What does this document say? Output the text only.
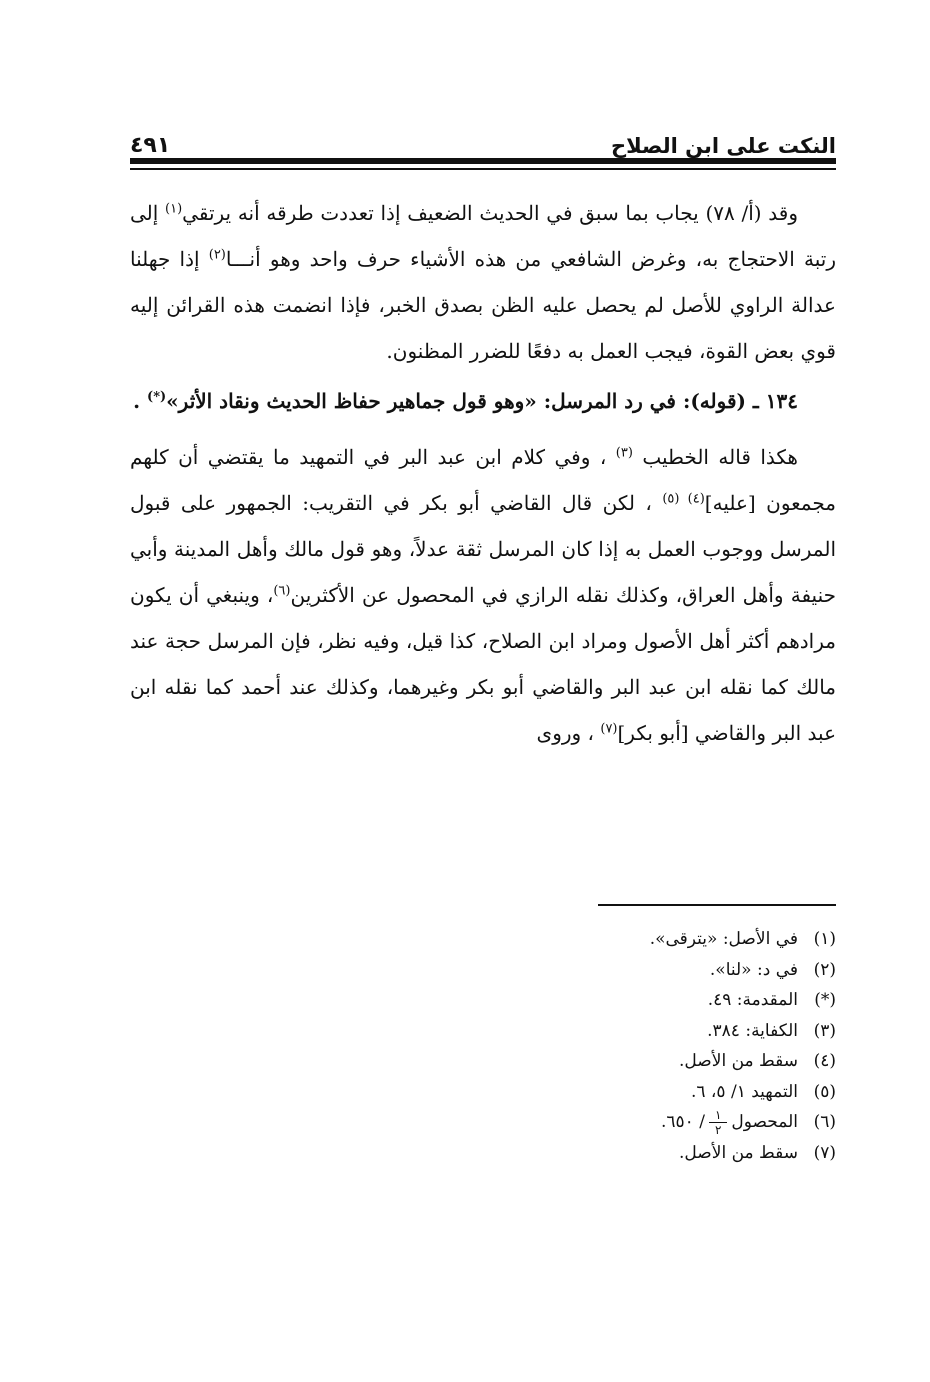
النكت على ابن الصلاح
٤٩١

وقد (أ/ ٧٨) يجاب بما سبق في الحديث الضعيف إذا تعددت طرقه أنه يرتقي$^{(١)}$ إلى رتبة الاحتجاج به، وغرض الشافعي من هذه الأشياء حرف واحد وهو أنـــا$^{(٢)}$ إذا جهلنا عدالة الراوي للأصل لم يحصل عليه الظن بصدق الخبر، فإذا انضمت هذه القرائن إليه قوي بعض القوة، فيجب العمل به دفعًا للضرر المظنون.

١٣٤ ـ (قوله): في رد المرسل: «وهو قول جماهير حفاظ الحديث ونقاد الأثر»(*) .

هكذا قاله الخطيب $^{(٣)}$ ، وفي كلام ابن عبد البر في التمهيد ما يقتضي أن كلهم مجمعون [عليه]$^{(٤)}$ $^{(٥)}$ ، لكن قال القاضي أبو بكر في التقريب: الجمهور على قبول المرسل ووجوب العمل به إذا كان المرسل ثقة عدلاً، وهو قول مالك وأهل المدينة وأبي حنيفة وأهل العراق، وكذلك نقله الرازي في المحصول عن الأكثرين$^{(٦)}$، وينبغي أن يكون مرادهم أكثر أهل الأصول ومراد ابن الصلاح، كذا قيل، وفيه نظر، فإن المرسل حجة عند مالك كما نقله ابن عبد البر والقاضي أبو بكر وغيرهما، وكذلك عند أحمد كما نقله ابن عبد البر والقاضي [أبو بكر]$^{(٧)}$ ، وروى

(١)في الأصل: «يترقى».
(٢)في د: «لنا».
(*)المقدمة: ٤٩.
(٣)الكفاية: ٣٨٤.
(٤)سقط من الأصل.
(٥)التمهيد ١/ ٥، ٦.
(٦)المحصول
$\frac{١}{٢}$
/ ٦٥٠.
(٧)سقط من الأصل.
